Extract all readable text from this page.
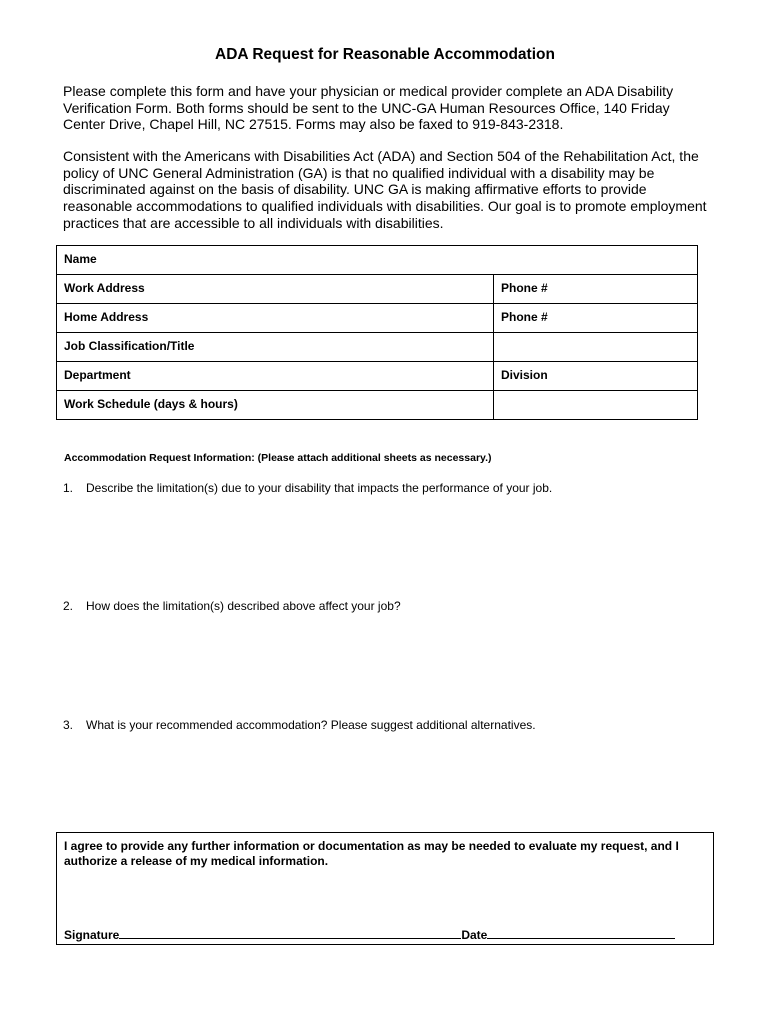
ADA Request for Reasonable Accommodation
Please complete this form and have your physician or medical provider complete an ADA Disability Verification Form. Both forms should be sent to the UNC-GA Human Resources Office, 140 Friday Center Drive, Chapel Hill, NC 27515. Forms may also be faxed to 919-843-2318.
Consistent with the Americans with Disabilities Act (ADA) and Section 504 of the Rehabilitation Act, the policy of UNC General Administration (GA) is that no qualified individual with a disability may be discriminated against on the basis of disability. UNC GA is making affirmative efforts to provide reasonable accommodations to qualified individuals with disabilities. Our goal is to promote employment practices that are accessible to all individuals with disabilities.
Name	
Work Address	Phone #
Home Address	Phone #
Job Classification/Title	
Department	Division
Work Schedule (days & hours)	
Accommodation Request Information: (Please attach additional sheets as necessary.)
1. Describe the limitation(s) due to your disability that impacts the performance of your job.
2. How does the limitation(s) described above affect your job?
3. What is your recommended accommodation? Please suggest additional alternatives.
I agree to provide any further information or documentation as may be needed to evaluate my request, and I authorize a release of my medical information.
Signature	Date
